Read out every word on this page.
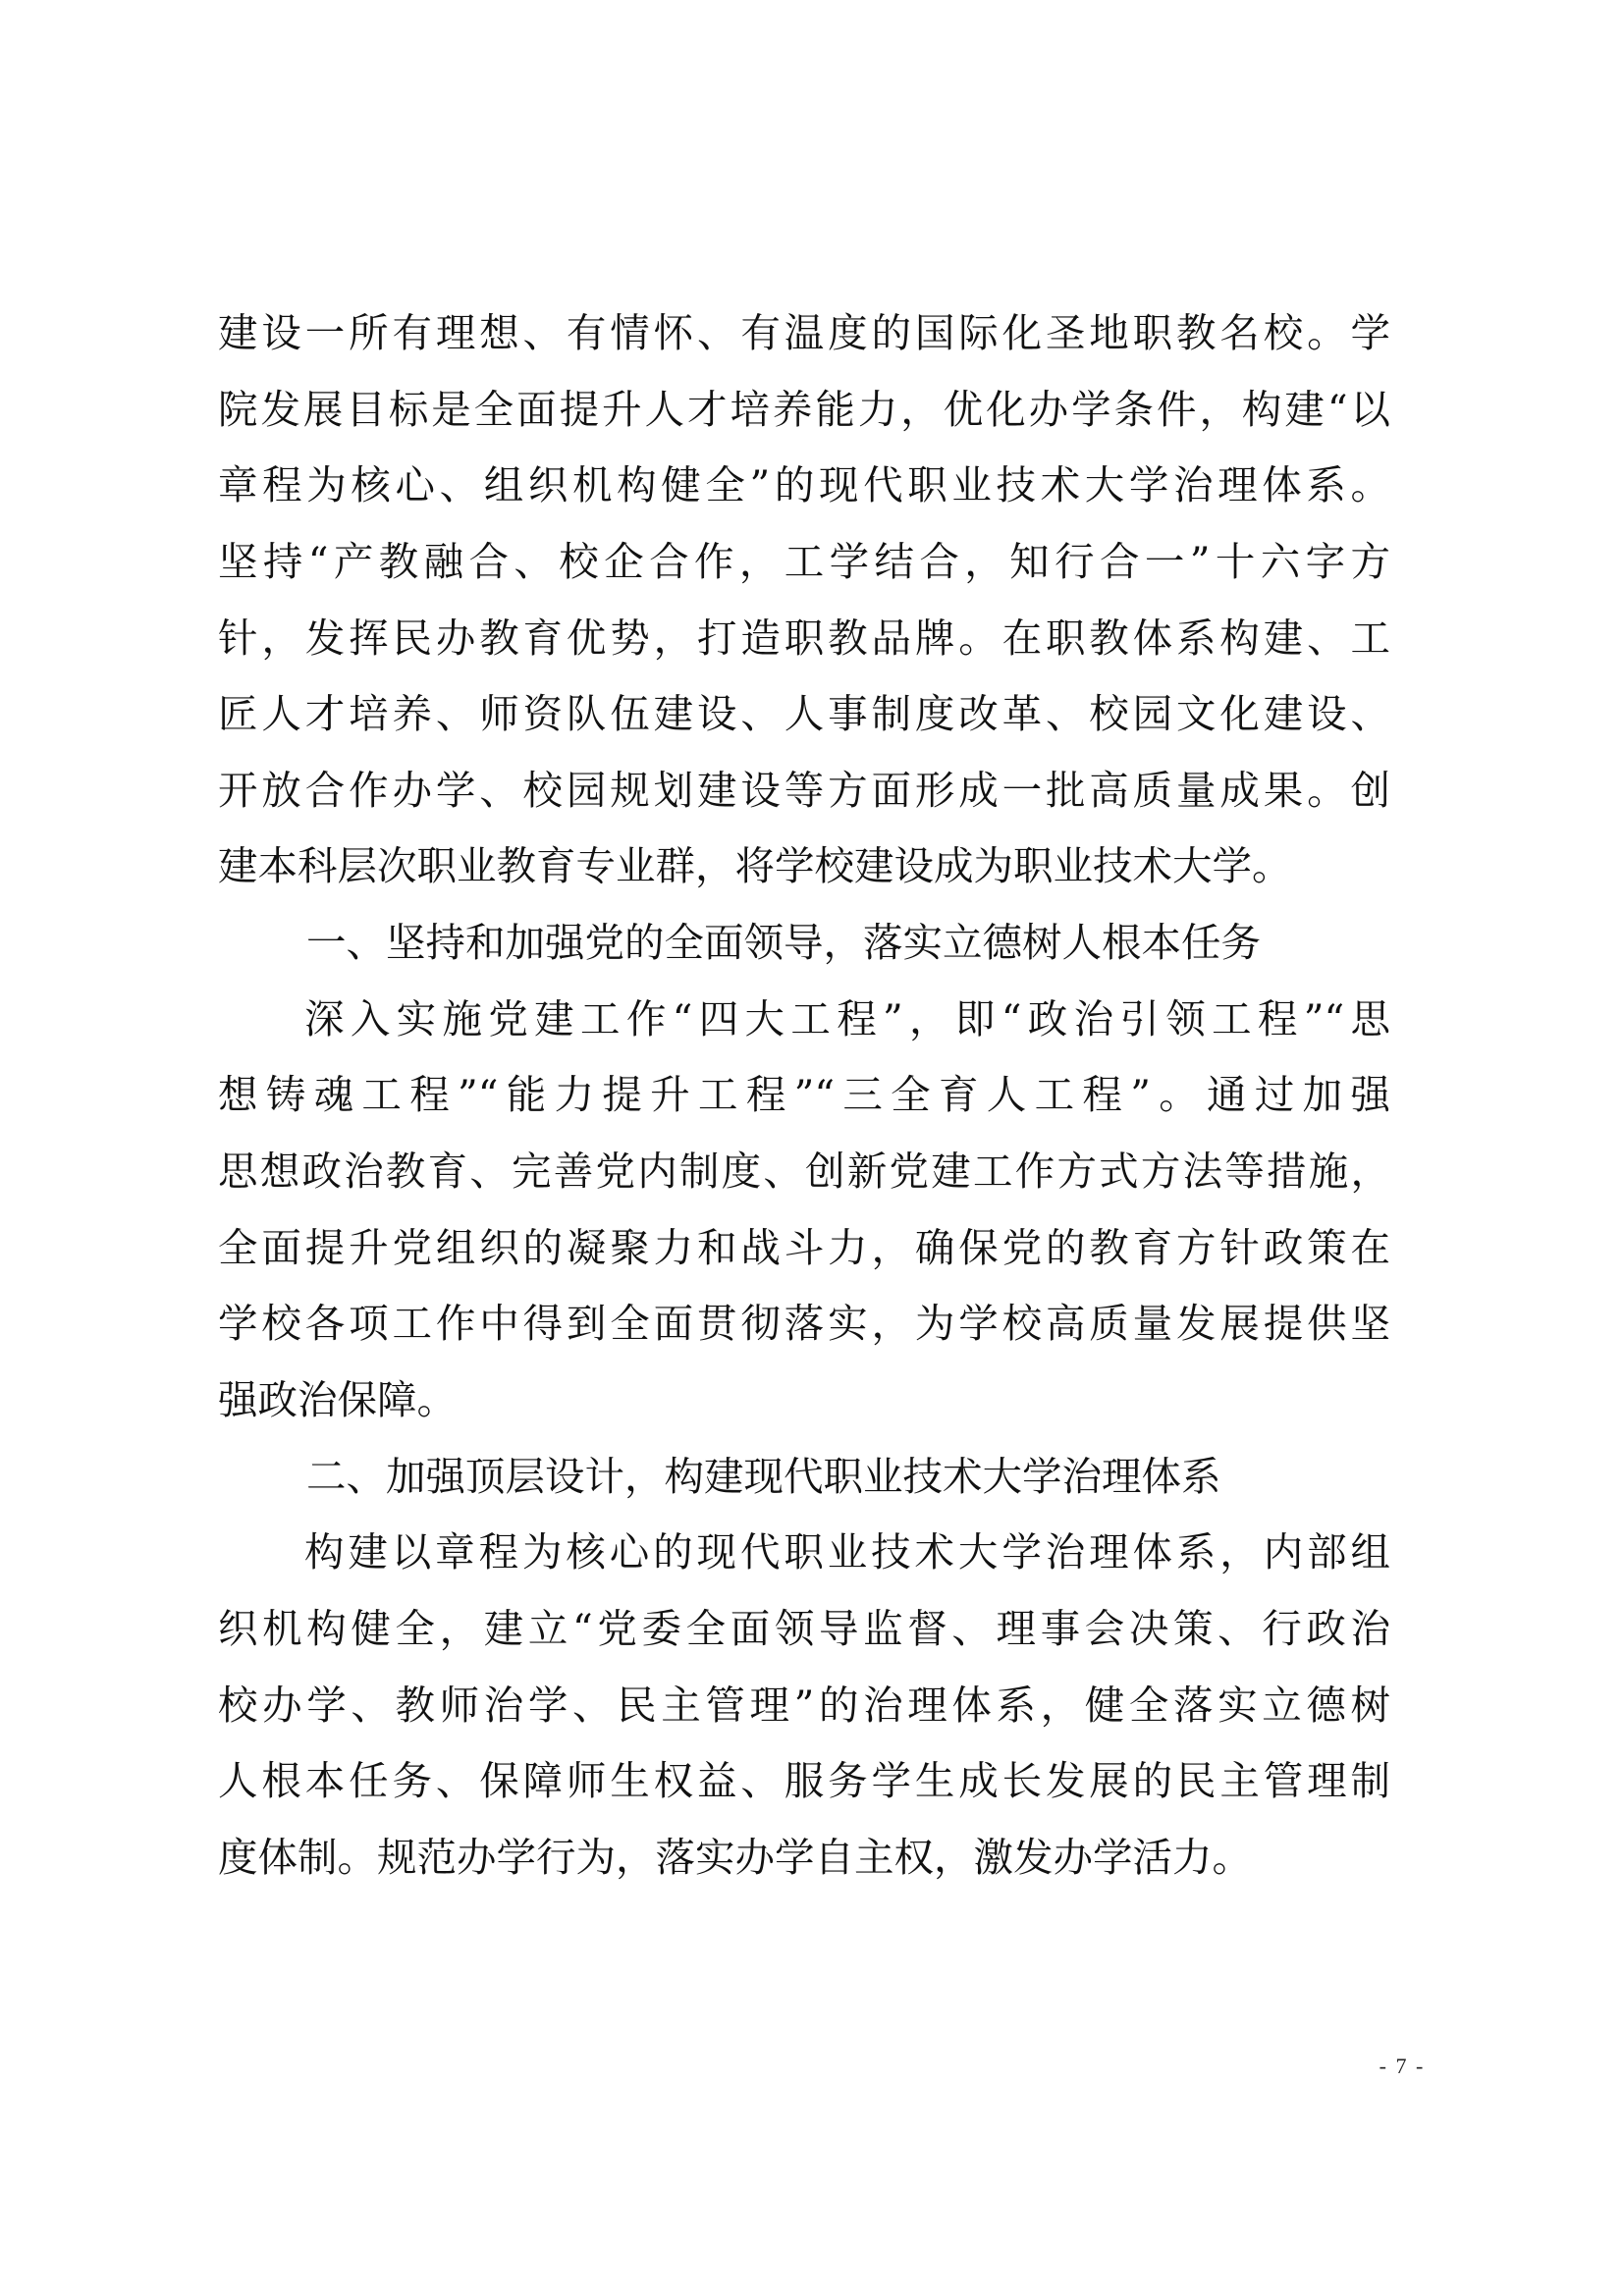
建设一所有理想、有情怀、有温度的国际化圣地职教名校。学
院发展目标是全面提升人才培养能力，优化办学条件，构建“以
章程为核心、组织机构健全”的现代职业技术大学治理体系。
坚持“产教融合、校企合作，工学结合，知行合一”十六字方
针，发挥民办教育优势，打造职教品牌。在职教体系构建、工
匠人才培养、师资队伍建设、人事制度改革、校园文化建设、
开放合作办学、校园规划建设等方面形成一批高质量成果。创
建本科层次职业教育专业群，将学校建设成为职业技术大学。
一、坚持和加强党的全面领导，落实立德树人根本任务
深入实施党建工作“四大工程”，即“政治引领工程”“思
想铸魂工程”“能力提升工程”“三全育人工程”。通过加强
思想政治教育、完善党内制度、创新党建工作方式方法等措施，
全面提升党组织的凝聚力和战斗力，确保党的教育方针政策在
学校各项工作中得到全面贯彻落实，为学校高质量发展提供坚
强政治保障。
二、加强顶层设计，构建现代职业技术大学治理体系
构建以章程为核心的现代职业技术大学治理体系，内部组
织机构健全，建立“党委全面领导监督、理事会决策、行政治
校办学、教师治学、民主管理”的治理体系，健全落实立德树
人根本任务、保障师生权益、服务学生成长发展的民主管理制
度体制。规范办学行为，落实办学自主权，激发办学活力。
- 7 -
